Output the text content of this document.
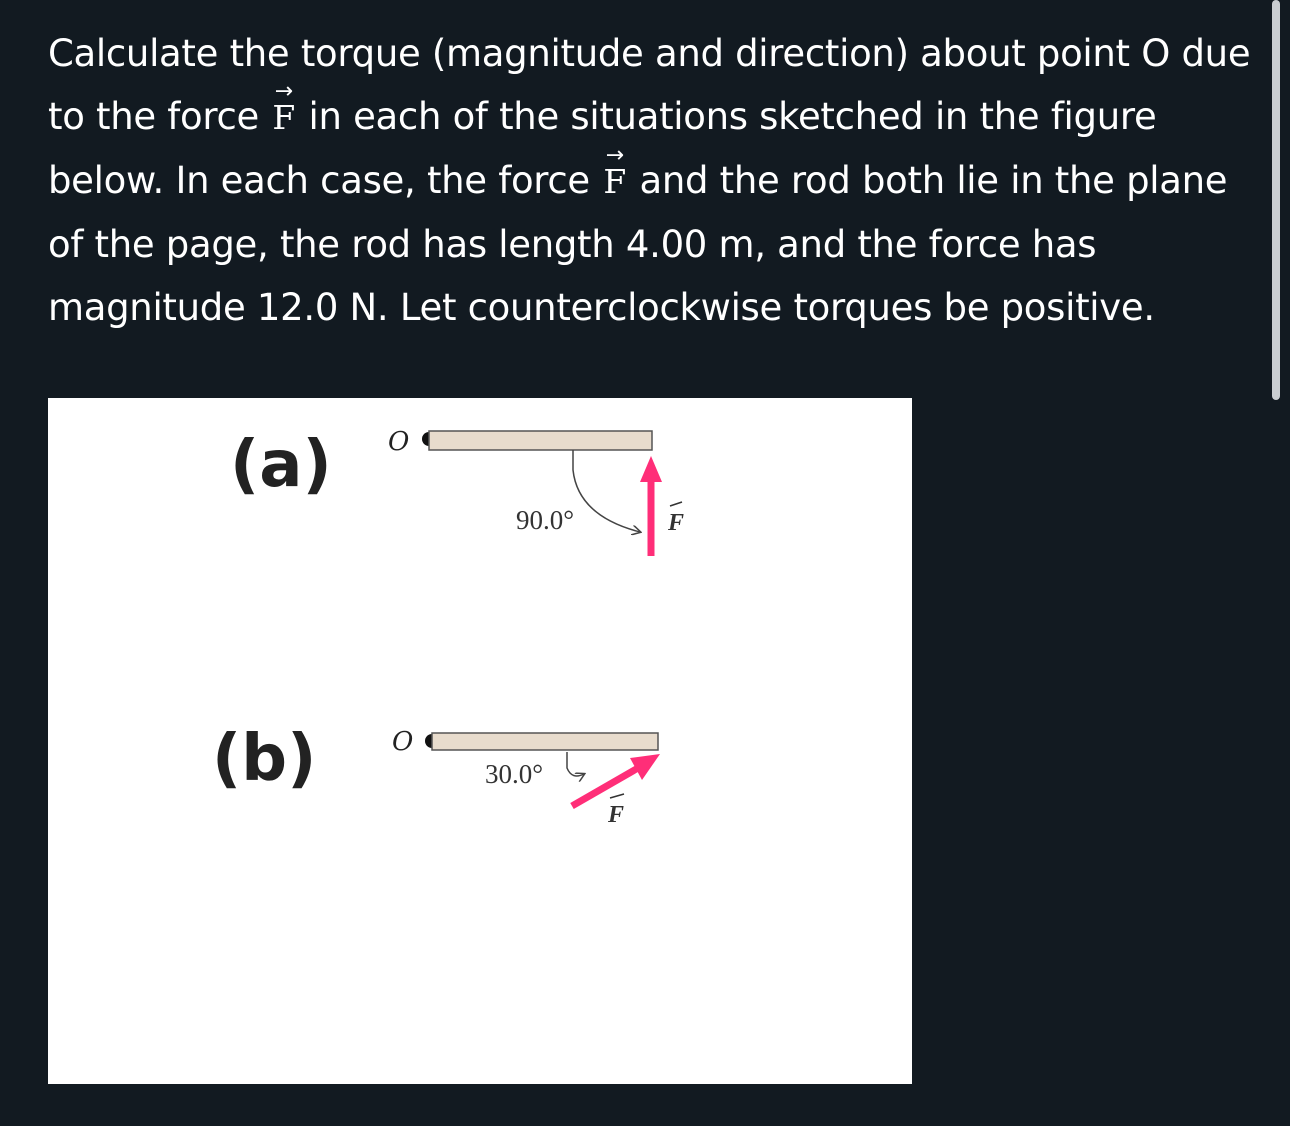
Calculate the torque (magnitude and direction) about point O due to the force
→
F in each of the situations sketched in the figure below. In each case, the force
→
F and the rod both lie in the plane of the page, the rod has length 4.00 m, and the force has magnitude 12.0 N. Let counterclockwise torques be positive.

(a) O
90.0°	F
(b)	O
30.0°
F
